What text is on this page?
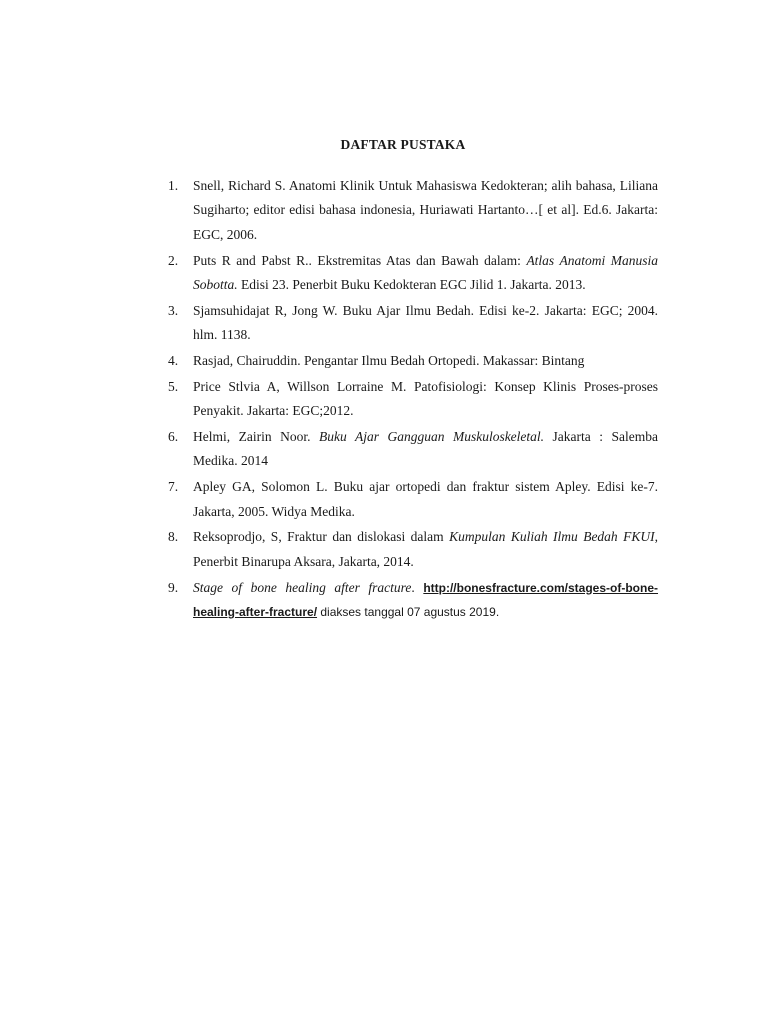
DAFTAR PUSTAKA
1. Snell, Richard S. Anatomi Klinik Untuk Mahasiswa Kedokteran; alih bahasa, Liliana Sugiharto; editor edisi bahasa indonesia, Huriawati Hartanto…[ et al]. Ed.6. Jakarta: EGC, 2006.
2. Puts R and Pabst R.. Ekstremitas Atas dan Bawah dalam: Atlas Anatomi Manusia Sobotta. Edisi 23. Penerbit Buku Kedokteran EGC Jilid 1. Jakarta. 2013.
3. Sjamsuhidajat R, Jong W. Buku Ajar Ilmu Bedah. Edisi ke-2. Jakarta: EGC; 2004. hlm. 1138.
4. Rasjad, Chairuddin. Pengantar Ilmu Bedah Ortopedi. Makassar: Bintang
5. Price Stlvia A, Willson Lorraine M. Patofisiologi: Konsep Klinis Proses-proses Penyakit. Jakarta: EGC;2012.
6. Helmi, Zairin Noor. Buku Ajar Gangguan Muskuloskeletal. Jakarta : Salemba Medika. 2014
7. Apley GA, Solomon L. Buku ajar ortopedi dan fraktur sistem Apley. Edisi ke-7. Jakarta, 2005. Widya Medika.
8. Reksoprodjo, S, Fraktur dan dislokasi dalam Kumpulan Kuliah Ilmu Bedah FKUI, Penerbit Binarupa Aksara, Jakarta, 2014.
9. Stage of bone healing after fracture. http://bonesfracture.com/stages-of-bone-healing-after-fracture/ diakses tanggal 07 agustus 2019.
